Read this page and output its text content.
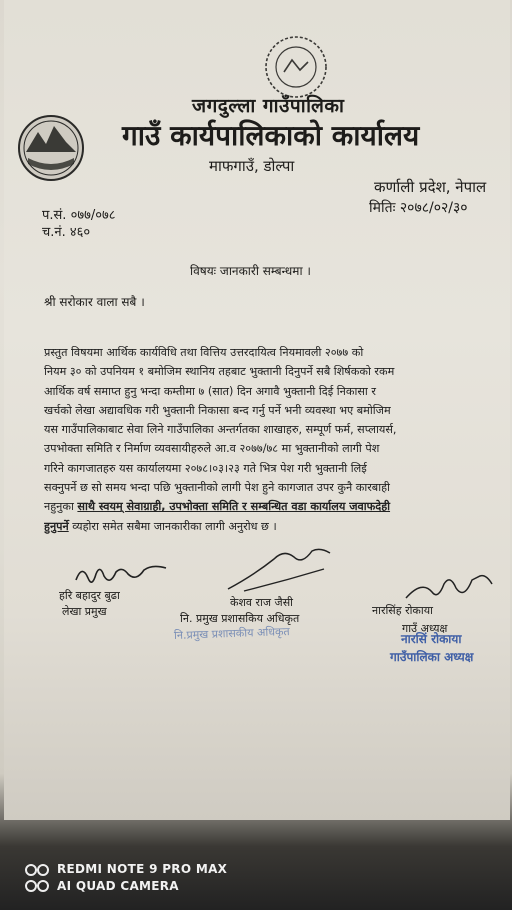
जगदुल्ला गाउँपालिका
गाउँ कार्यपालिकाको कार्यालय
माफगाउँ, डोल्पा
कर्णाली प्रदेश, नेपाल
मितिः २०७८/०२/३०
प.सं. ०७७/०७८
च.नं. ४६०
विषयः जानकारी सम्बन्धमा ।
श्री सरोकार वाला सबै ।
प्रस्तुत विषयमा आर्थिक कार्यविधि तथा वित्तिय उत्तरदायित्व नियमावली २०७७ को
नियम ३० को उपनियम १ बमोजिम स्थानिय तहबाट भुक्तानी दिनुपर्ने सबै शिर्षकको रकम
आर्थिक वर्ष समाप्त हुनु भन्दा कम्तीमा ७ (सात) दिन अगावै भुक्तानी दिई निकासा र
खर्चको लेखा अद्यावधिक गरी भुक्तानी निकासा बन्द गर्नु पर्ने भनी व्यवस्था भए बमोजिम
यस गाउँपालिकाबाट सेवा लिने गाउँपालिका अन्तर्गतका शाखाहरु, सम्पूर्ण फर्म, सप्लायर्स,
उपभोक्ता समिति र निर्माण व्यवसायीहरुले आ.व २०७७/७८ मा भुक्तानीको लागी पेश
गरिने कागजातहरु यस कार्यालयमा २०७८।०३।२३ गते भित्र पेश गरी भुक्तानी लिई
सक्नुपर्ने छ सो समय भन्दा पछि भुक्तानीको लागी पेश हुने कागजात उपर कुनै कारबाही
नहुनुका साथै स्वयम् सेवाग्राही, उपभोक्ता समिति र सम्बन्धित वडा कार्यालय जवाफदेही
हुनुपर्ने व्यहोरा समेत सबैमा जानकारीका लागी अनुरोध छ ।
हरि बहादुर बुढा
लेखा प्रमुख
केशव राज जैसी
नि. प्रमुख प्रशासकिय अधिकृत
नारसिंह रोकाया
गाउँ अध्यक्ष
नि.प्रमुख प्रशासकीय अधिकृत	नारसिं रोकाया
गाउँपालिका अध्यक्ष
REDMI NOTE 9 PRO MAX
AI QUAD CAMERA
